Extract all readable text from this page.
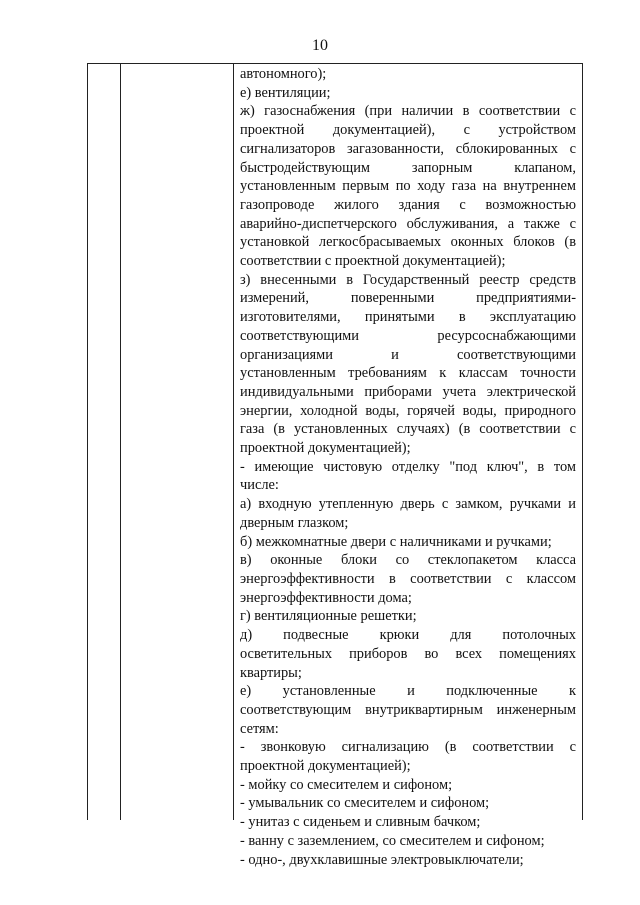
10
автономного);
е) вентиляции;
ж) газоснабжения (при наличии в соответствии с
проектной документацией), с устройством
сигнализаторов загазованности, сблокированных с
быстродействующим запорным клапаном,
установленным первым по ходу газа на внутреннем
газопроводе жилого здания с возможностью
аварийно-диспетчерского обслуживания, а также с
установкой легкосбрасываемых оконных блоков (в
соответствии с проектной документацией);
з) внесенными в Государственный реестр средств
измерений, поверенными предприятиями-
изготовителями, принятыми в эксплуатацию
соответствующими ресурсоснабжающими
организациями и соответствующими
установленным требованиям к классам точности
индивидуальными приборами учета электрической
энергии, холодной воды, горячей воды, природного
газа (в установленных случаях) (в соответствии с
проектной документацией);
- имеющие чистовую отделку "под ключ", в том
числе:
а) входную утепленную дверь с замком, ручками и
дверным глазком;
б) межкомнатные двери с наличниками и ручками;
в) оконные блоки со стеклопакетом класса
энергоэффективности в соответствии с классом
энергоэффективности дома;
г) вентиляционные решетки;
д) подвесные крюки для потолочных
осветительных приборов во всех помещениях
квартиры;
е) установленные и подключенные к
соответствующим внутриквартирным инженерным
сетям:
- звонковую сигнализацию (в соответствии с
проектной документацией);
- мойку со смесителем и сифоном;
- умывальник со смесителем и сифоном;
- унитаз с сиденьем и сливным бачком;
- ванну с заземлением, со смесителем и сифоном;
- одно-, двухклавишные электровыключатели;
